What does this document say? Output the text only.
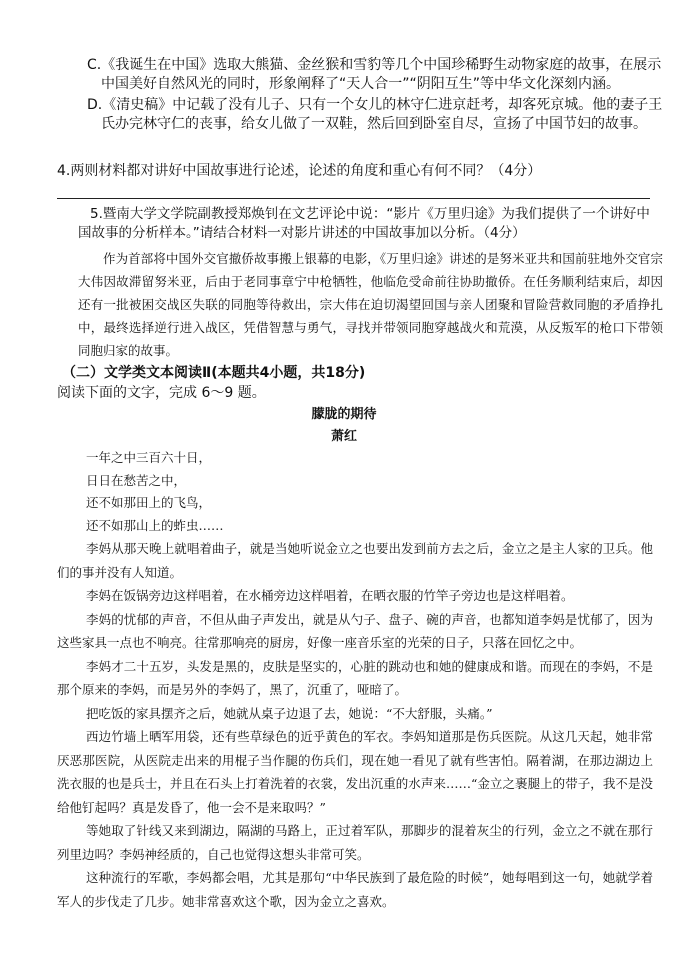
C.《我诞生在中国》选取大熊猫、金丝猴和雪豹等几个中国珍稀野生动物家庭的故事，在展示中国美好自然风光的同时，形象阐释了“天人合一”“阴阳互生”等中华文化深刻内涵。

D.《清史稿》中记载了没有儿子、只有一个女儿的林守仁进京赶考，却客死京城。他的妻子王氏办完林守仁的丧事，给女儿做了一双鞋，然后回到卧室自尽，宣扬了中国节妇的故事。

4.两则材料都对讲好中国故事进行论述，论述的角度和重心有何不同？（4分）

5.暨南大学文学院副教授郑焕钊在文艺评论中说：“影片《万里归途》为我们提供了一个讲好中国故事的分析样本。”请结合材料一对影片讲述的中国故事加以分析。（4分）

作为首部将中国外交官撤侨故事搬上银幕的电影，《万里归途》讲述的是努米亚共和国前驻地外交官宗大伟因故滞留努米亚，后由于老同事章宁中枪牺牲，他临危受命前往协助撤侨。在任务顺利结束后，却因还有一批被困交战区失联的同胞等待救出，宗大伟在迫切渴望回国与亲人团聚和冒险营救同胞的矛盾挣扎中，最终选择逆行进入战区，凭借智慧与勇气，寻找并带领同胞穿越战火和荒漠，从反叛军的枪口下带领同胞归家的故事。
（二）文学类文本阅读Ⅱ(本题共4小题，共18分)
阅读下面的文字，完成 6～9 题。
朦胧的期待
萧红
一年之中三百六十日，
日日在愁苦之中，
还不如那田上的飞鸟，
还不如那山上的蚱虫……

李妈从那天晚上就唱着曲子，就是当她听说金立之也要出发到前方去之后，金立之是主人家的卫兵。他们的事并没有人知道。

李妈在饭锅旁边这样唱着，在水桶旁边这样唱着，在晒衣服的竹竿子旁边也是这样唱着。

李妈的忧郁的声音，不但从曲子声发出，就是从勺子、盘子、碗的声音，也都知道李妈是忧郁了，因为这些家具一点也不响亮。往常那响亮的厨房，好像一座音乐室的光荣的日子，只落在回忆之中。

李妈才二十五岁，头发是黑的，皮肤是坚实的，心脏的跳动也和她的健康成和谐。而现在的李妈，不是那个原来的李妈，而是另外的李妈了，黑了，沉重了，哑暗了。

把吃饭的家具摆齐之后，她就从桌子边退了去，她说：“不大舒服，头痛。”

西边竹墙上晒军用袋，还有些草绿色的近乎黄色的军衣。李妈知道那是伤兵医院。从这几天起，她非常厌恶那医院，从医院走出来的用棍子当作腿的伤兵们，现在她一看见了就有些害怕。隔着湖，在那边湖边上洗衣服的也是兵士，并且在石头上打着洗着的衣裳，发出沉重的水声来……“金立之裹腿上的带子，我不是没给他钉起吗？真是发昏了，他一会不是来取吗？”

等她取了针线又来到湖边，隔湖的马路上，正过着军队，那脚步的混着灰尘的行列，金立之不就在那行列里边吗？李妈神经质的，自己也觉得这想头非常可笑。

这种流行的军歌，李妈都会唱，尤其是那句“中华民族到了最危险的时候”，她每唱到这一句，她就学着军人的步伐走了几步。她非常喜欢这个歌，因为金立之喜欢。
